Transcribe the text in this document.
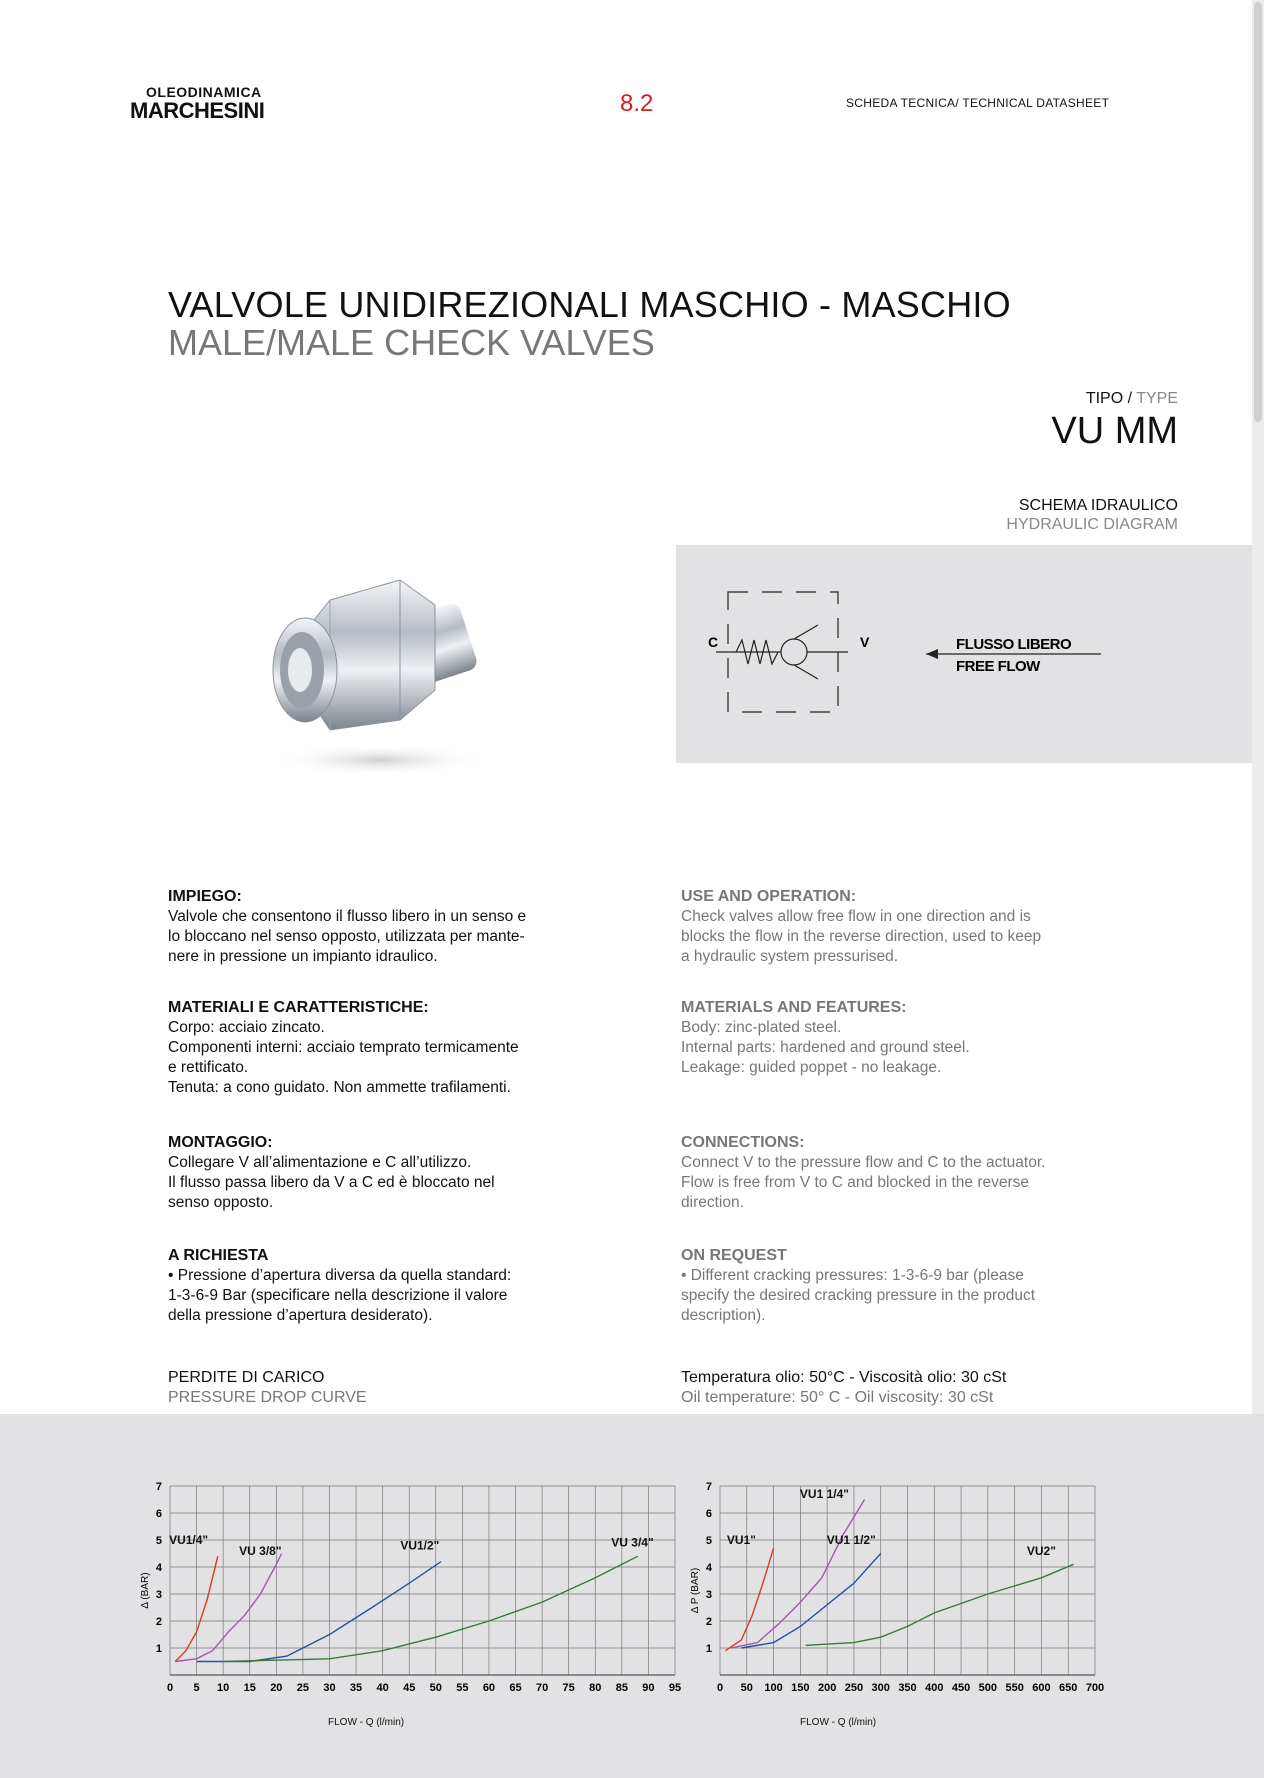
OLEODINAMICA
MARCHESINI	8.2	SCHEDA TECNICA/ TECHNICAL DATASHEET
VALVOLE UNIDIREZIONALI MASCHIO - MASCHIO
MALE/MALE CHECK VALVES
TIPO / TYPE
VU MM
SCHEMA IDRAULICO
HYDRAULIC DIAGRAM
C	V	FLUSSO LIBERO
FREE FLOW
IMPIEGO:

Valvole che consentono il flusso libero in un senso e
lo bloccano nel senso opposto, utilizzata per mante-
nere in pressione un impianto idraulico.

USE AND OPERATION:

Check valves allow free flow in one direction and is
blocks the flow in the reverse direction, used to keep
a hydraulic system pressurised.

MATERIALI E CARATTERISTICHE:

Corpo: acciaio zincato.
Componenti interni: acciaio temprato termicamente
e rettificato.
Tenuta: a cono guidato. Non ammette trafilamenti.

MATERIALS AND FEATURES:

Body: zinc-plated steel.
Internal parts: hardened and ground steel.
Leakage: guided poppet - no leakage.

MONTAGGIO:

Collegare V all’alimentazione e C all’utilizzo.
Il flusso passa libero da V a C ed è bloccato nel
senso opposto.

CONNECTIONS:

Connect V to the pressure flow and C to the actuator.
Flow is free from V to C and blocked in the reverse
direction.

A RICHIESTA

• Pressione d’apertura diversa da quella standard:
1-3-6-9 Bar (specificare nella descrizione il valore
della pressione d’apertura desiderato).

ON REQUEST

• Different cracking pressures: 1-3-6-9 bar (please
specify the desired cracking pressure in the product
description).

PERDITE DI CARICO
PRESSURE DROP CURVE
Temperatura olio: 50°C - Viscosità olio: 30 cSt
Oil temperature: 50° C - Oil viscosity: 30 cSt
0 5 10 15 20 25 30 35 40 45 50 55 60 65 70 75 80 85 90 95
1
2
3
4
5
6
7
Δ (BAR)
VU1/4"
VU 3/8"	VU1/2"	VU 3/4"
0 50 100 150 200 250 300 350 400 450 500 550 600 650 700
1
2
3
4
5
6
7
Δ P (BAR)
VU1"
VU1 1/4"
VU1 1/2"
VU2"
FLOW - Q (l/min)	FLOW - Q (l/min)
